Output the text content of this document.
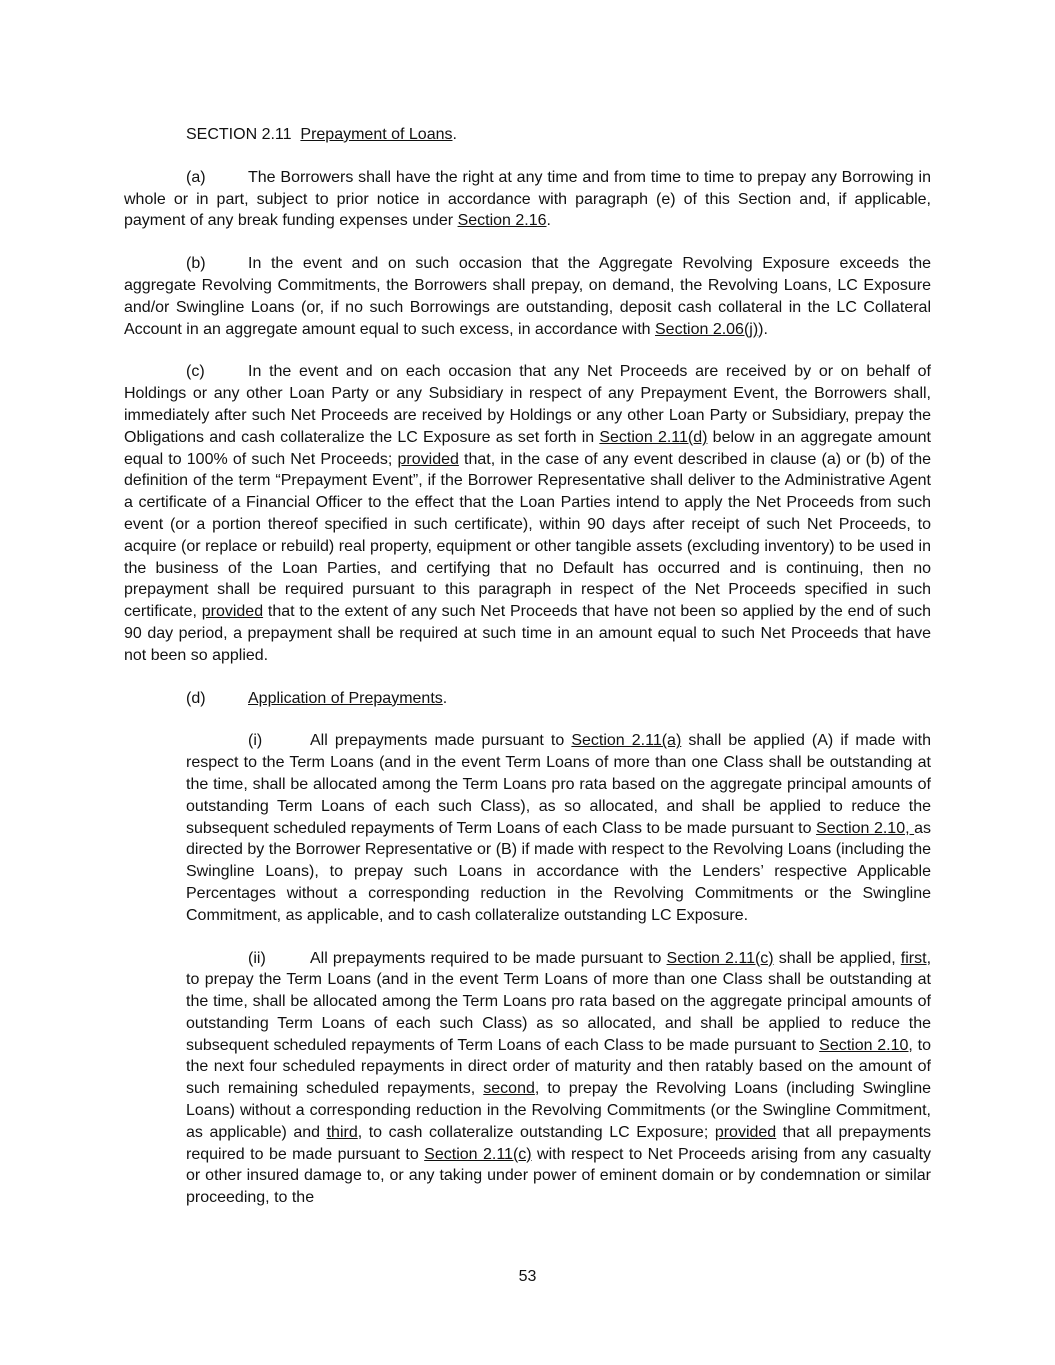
SECTION 2.11 Prepayment of Loans.

(a)	The Borrowers shall have the right at any time and from time to time to prepay any Borrowing in whole or in part, subject to prior notice in accordance with paragraph (e) of this Section and, if applicable, payment of any break funding expenses under Section 2.16.

(b)	In the event and on such occasion that the Aggregate Revolving Exposure exceeds the aggregate Revolving Commitments, the Borrowers shall prepay, on demand, the Revolving Loans, LC Exposure and/or Swingline Loans (or, if no such Borrowings are outstanding, deposit cash collateral in the LC Collateral Account in an aggregate amount equal to such excess, in accordance with Section 2.06(j)).

(c)	In the event and on each occasion that any Net Proceeds are received by or on behalf of Holdings or any other Loan Party or any Subsidiary in respect of any Prepayment Event, the Borrowers shall, immediately after such Net Proceeds are received by Holdings or any other Loan Party or Subsidiary, prepay the Obligations and cash collateralize the LC Exposure as set forth in Section 2.11(d) below in an aggregate amount equal to 100% of such Net Proceeds; provided that, in the case of any event described in clause (a) or (b) of the definition of the term “Prepayment Event”, if the Borrower Representative shall deliver to the Administrative Agent a certificate of a Financial Officer to the effect that the Loan Parties intend to apply the Net Proceeds from such event (or a portion thereof specified in such certificate), within 90 days after receipt of such Net Proceeds, to acquire (or replace or rebuild) real property, equipment or other tangible assets (excluding inventory) to be used in the business of the Loan Parties, and certifying that no Default has occurred and is continuing, then no prepayment shall be required pursuant to this paragraph in respect of the Net Proceeds specified in such certificate, provided that to the extent of any such Net Proceeds that have not been so applied by the end of such 90 day period, a prepayment shall be required at such time in an amount equal to such Net Proceeds that have not been so applied.

(d)	Application of Prepayments.

(i)	All prepayments made pursuant to Section 2.11(a) shall be applied (A) if made with respect to the Term Loans (and in the event Term Loans of more than one Class shall be outstanding at the time, shall be allocated among the Term Loans pro rata based on the aggregate principal amounts of outstanding Term Loans of each such Class), as so allocated, and shall be applied to reduce the subsequent scheduled repayments of Term Loans of each Class to be made pursuant to Section 2.10, as directed by the Borrower Representative or (B) if made with respect to the Revolving Loans (including the Swingline Loans), to prepay such Loans in accordance with the Lenders’ respective Applicable Percentages without a corresponding reduction in the Revolving Commitments or the Swingline Commitment, as applicable, and to cash collateralize outstanding LC Exposure.

(ii)	All prepayments required to be made pursuant to Section 2.11(c) shall be applied, first, to prepay the Term Loans (and in the event Term Loans of more than one Class shall be outstanding at the time, shall be allocated among the Term Loans pro rata based on the aggregate principal amounts of outstanding Term Loans of each such Class) as so allocated, and shall be applied to reduce the subsequent scheduled repayments of Term Loans of each Class to be made pursuant to Section 2.10, to the next four scheduled repayments in direct order of maturity and then ratably based on the amount of such remaining scheduled repayments, second, to prepay the Revolving Loans (including Swingline Loans) without a corresponding reduction in the Revolving Commitments (or the Swingline Commitment, as applicable) and third, to cash collateralize outstanding LC Exposure; provided that all prepayments required to be made pursuant to Section 2.11(c) with respect to Net Proceeds arising from any casualty or other insured damage to, or any taking under power of eminent domain or by condemnation or similar proceeding, to the

53
